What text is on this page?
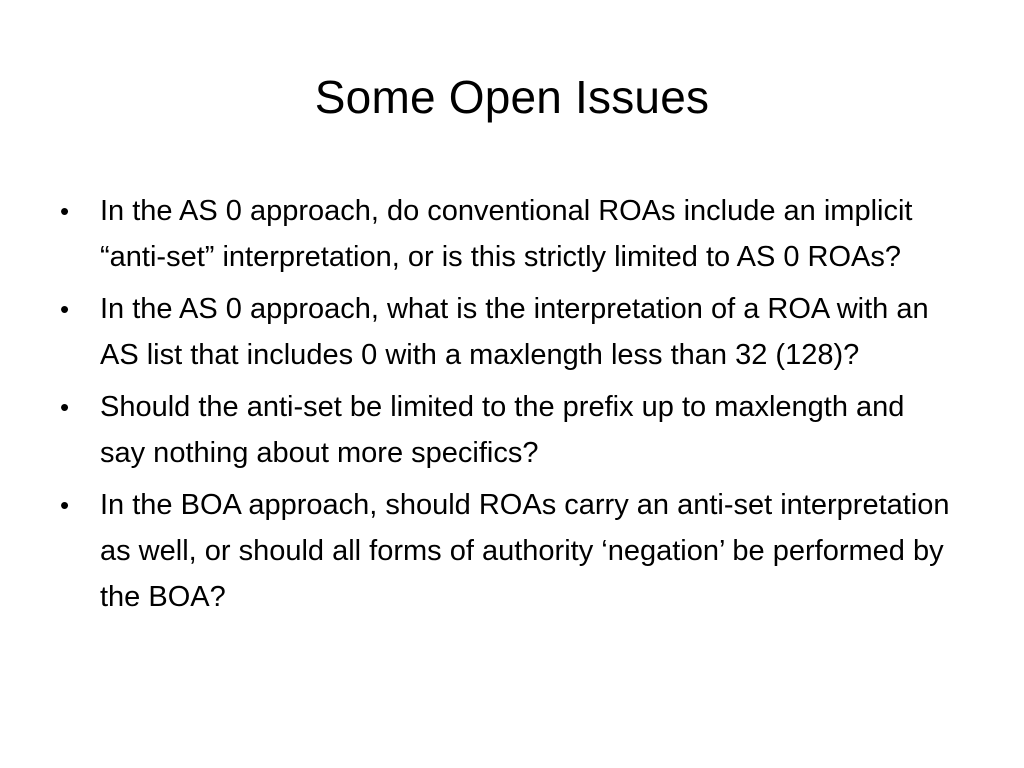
Some Open Issues
•	In the AS 0 approach, do conventional ROAs include an implicit “anti-set” interpretation, or is this strictly limited to AS 0 ROAs?
•	In the AS 0 approach, what is the interpretation of a ROA with an AS list that includes 0 with a maxlength less than 32 (128)?
•	Should the anti-set be limited to the prefix up to maxlength and say nothing about more specifics?
•	In the BOA approach, should ROAs carry an anti-set interpretation as well, or should all forms of authority ‘negation’ be performed by the BOA?
